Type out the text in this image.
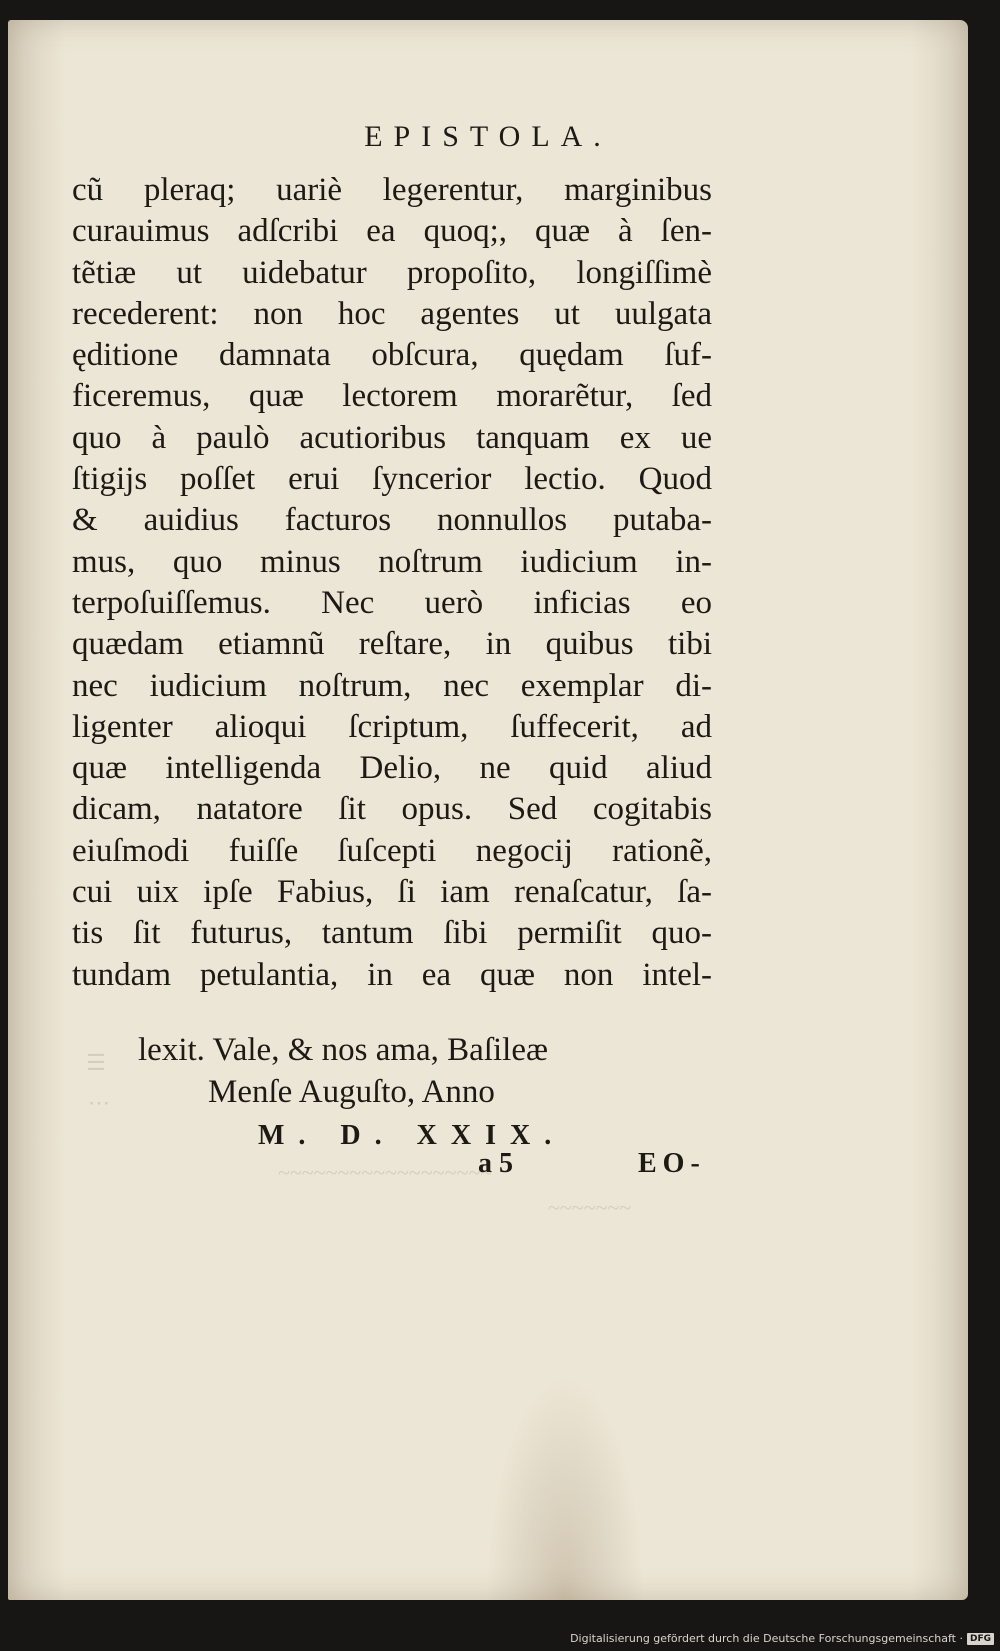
EPISTOLA.
cũ pleraq; uariè legerentur, marginibus
curauimus adſcribi ea quoq;, quæ à ſen-
tẽtiæ ut uidebatur propoſito, longiſſimè
recederent: non hoc agentes ut uulgata
ęditione damnata obſcura, quędam ſuf-
ficeremus, quæ lectorem morarẽtur, ſed
quo à paulò acutioribus tanquam ex ue
ſtigijs poſſet erui ſyncerior lectio. Quod
& auidius facturos nonnullos putaba-
mus, quo minus noſtrum iudicium in-
terpoſuiſſemus. Nec uerò inficias eo
quædam etiamnũ reſtare, in quibus tibi
nec iudicium noſtrum, nec exemplar di-
ligenter alioqui ſcriptum, ſuffecerit, ad
quæ intelligenda Delio, ne quid aliud
dicam, natatore ſit opus. Sed cogitabis
eiuſmodi fuiſſe ſuſcepti negocij rationẽ,
cui uix ipſe Fabius, ſi iam renaſcatur, ſa-
tis ſit futurus, tantum ſibi permiſit quo-
tundam petulantia, in ea quæ non intel-
lexit. Vale, & nos ama, Baſileæ
Menſe Auguſto, Anno
M. D. XXIX.
a 5	EO-
☰
⋯
~~~~~~~
~~~~~~~~~~~~~~~~~~
Digitalisierung gefördert durch die Deutsche Forschungsgemeinschaft · DFG
